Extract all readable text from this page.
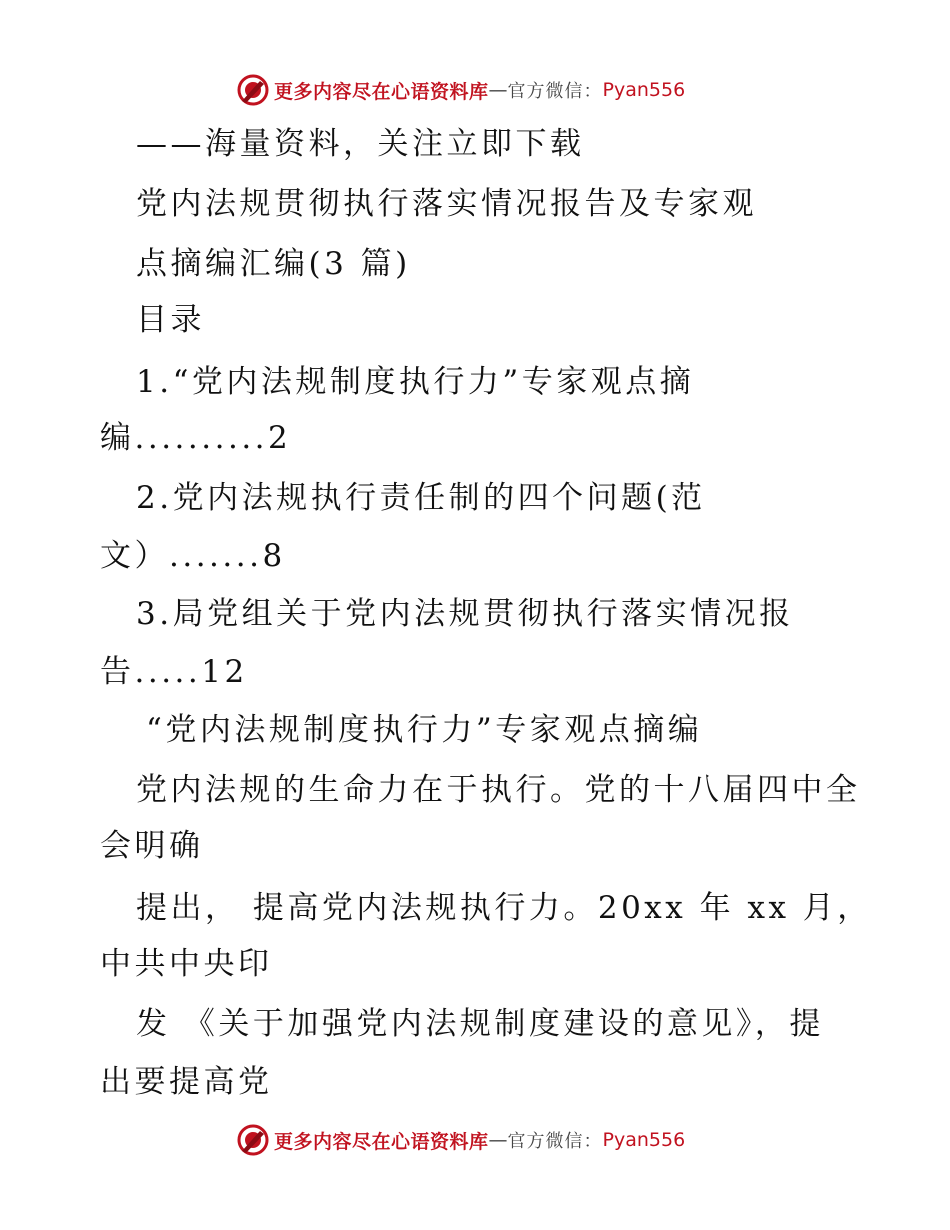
更多内容尽在心语资料库 — 官方微信： Pyan556
——海量资料，关注立即下载
党内法规贯彻执行落实情况报告及专家观
点摘编汇编(3 篇)
目录
1.“党内法规制度执行力”专家观点摘
编..........2
2.党内法规执行责任制的四个问题(范
文）.......8
3.局党组关于党内法规贯彻执行落实情况报
告.....12
“党内法规制度执行力”专家观点摘编
党内法规的生命力在于执行。党的十八届四中全
会明确
提出， 提高党内法规执行力。20xx 年 xx 月，
中共中央印
发 《关于加强党内法规制度建设的意见》，提
出要提高党
更多内容尽在心语资料库 — 官方微信： Pyan556
